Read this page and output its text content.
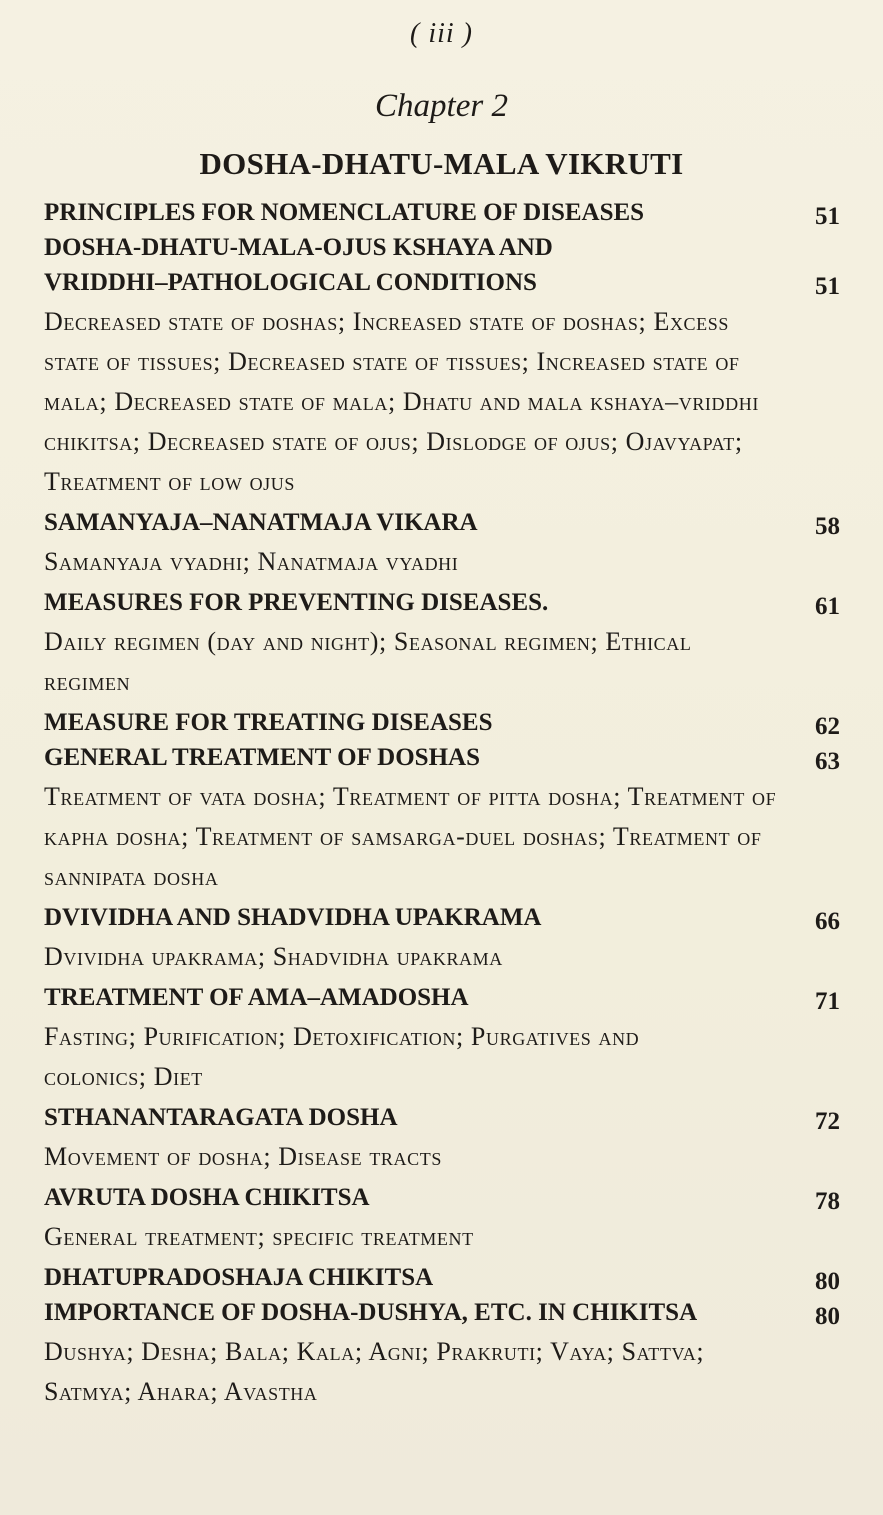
( iii )
Chapter 2
DOSHA-DHATU-MALA VIKRUTI
PRINCIPLES FOR NOMENCLATURE OF DISEASES	51
DOSHA-DHATU-MALA-OJUS KSHAYA AND VRIDDHI–PATHOLOGICAL CONDITIONS	51
Decreased state of doshas; Increased state of doshas; Excess state of tissues; Decreased state of tissues; Increased state of mala; Decreased state of mala; Dhatu and mala kshaya–vriddhi chikitsa; Decreased state of ojus; Dislodge of ojus; Ojavyapat; Treatment of low ojus
SAMANYAJA–NANATMAJA VIKARA	58
Samanyaja vyadhi; Nanatmaja vyadhi
MEASURES FOR PREVENTING DISEASES.	61
Daily regimen (day and night); Seasonal regimen; Ethical regimen
MEASURE FOR TREATING DISEASES	62
GENERAL TREATMENT OF DOSHAS	63
Treatment of vata dosha; Treatment of pitta dosha; Treatment of kapha dosha; Treatment of samsarga-duel doshas; Treatment of sannipata dosha
DVIVIDHA AND SHADVIDHA UPAKRAMA	66
Dvividha upakrama; Shadvidha upakrama
TREATMENT OF AMA–AMADOSHA	71
Fasting; Purification; Detoxification; Purgatives and colonics; Diet
STHANANTARAGATA DOSHA	72
Movement of dosha; Disease tracts
AVRUTA DOSHA CHIKITSA	78
General treatment; specific treatment
DHATUPRADOSHAJA CHIKITSA	80
IMPORTANCE OF DOSHA-DUSHYA, ETC. IN CHIKITSA	80
Dushya; Desha; Bala; Kala; Agni; Prakruti; Vaya; Sattva; Satmya; Ahara; Avastha
